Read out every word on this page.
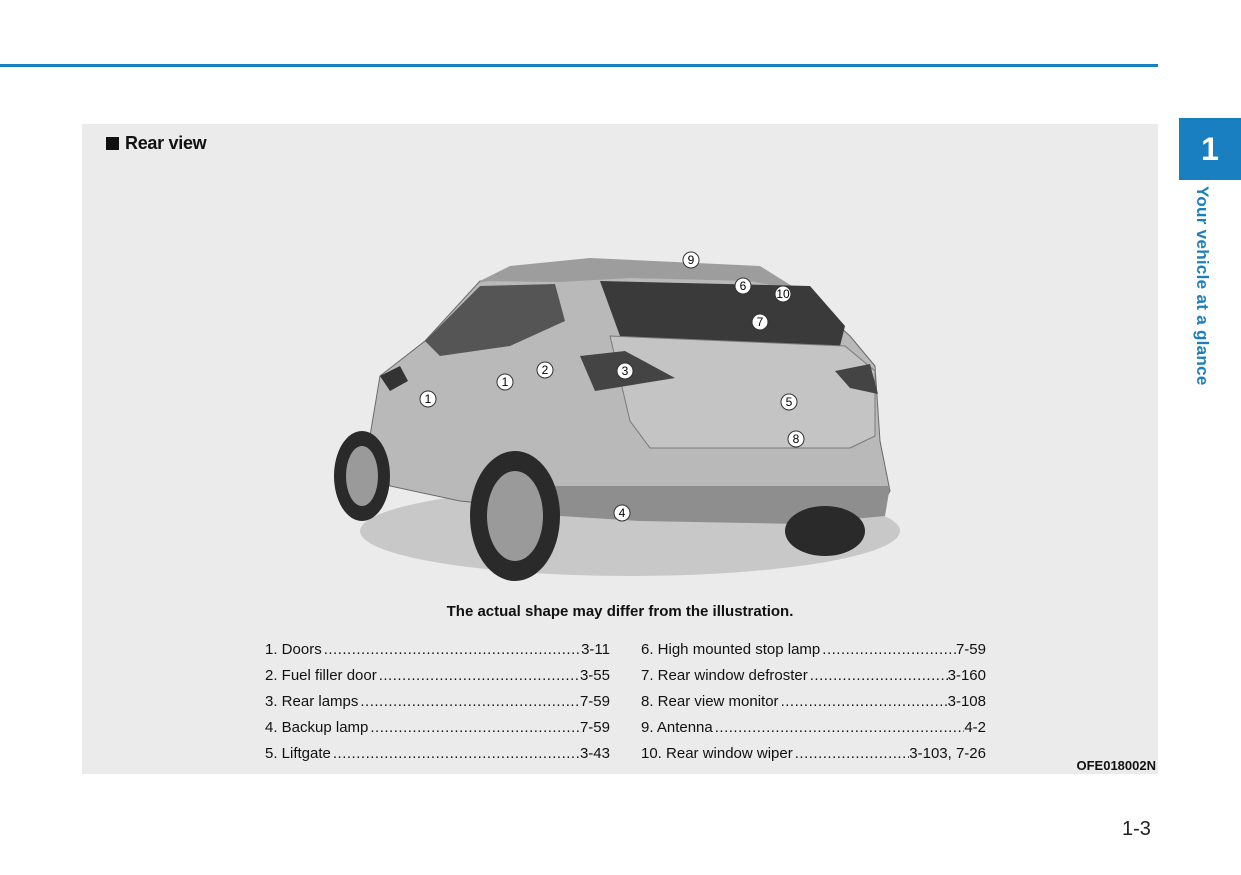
Rear view
1
1
2	3
4
5
6
7
8
9
10
The actual shape may differ from the illustration.
1. Doors .....	3-11
2. Fuel filler door .....	3-55
3. Rear lamps .....	7-59
4. Backup lamp .....	7-59
5. Liftgate .....	3-43
6. High mounted stop lamp .....	7-59
7. Rear window defroster .....	3-160
8. Rear view monitor .....	3-108
9. Antenna .....	4-2
10. Rear window wiper .....	3-103, 7-26
OFE018002N
1
Your vehicle at a glance
1-3
